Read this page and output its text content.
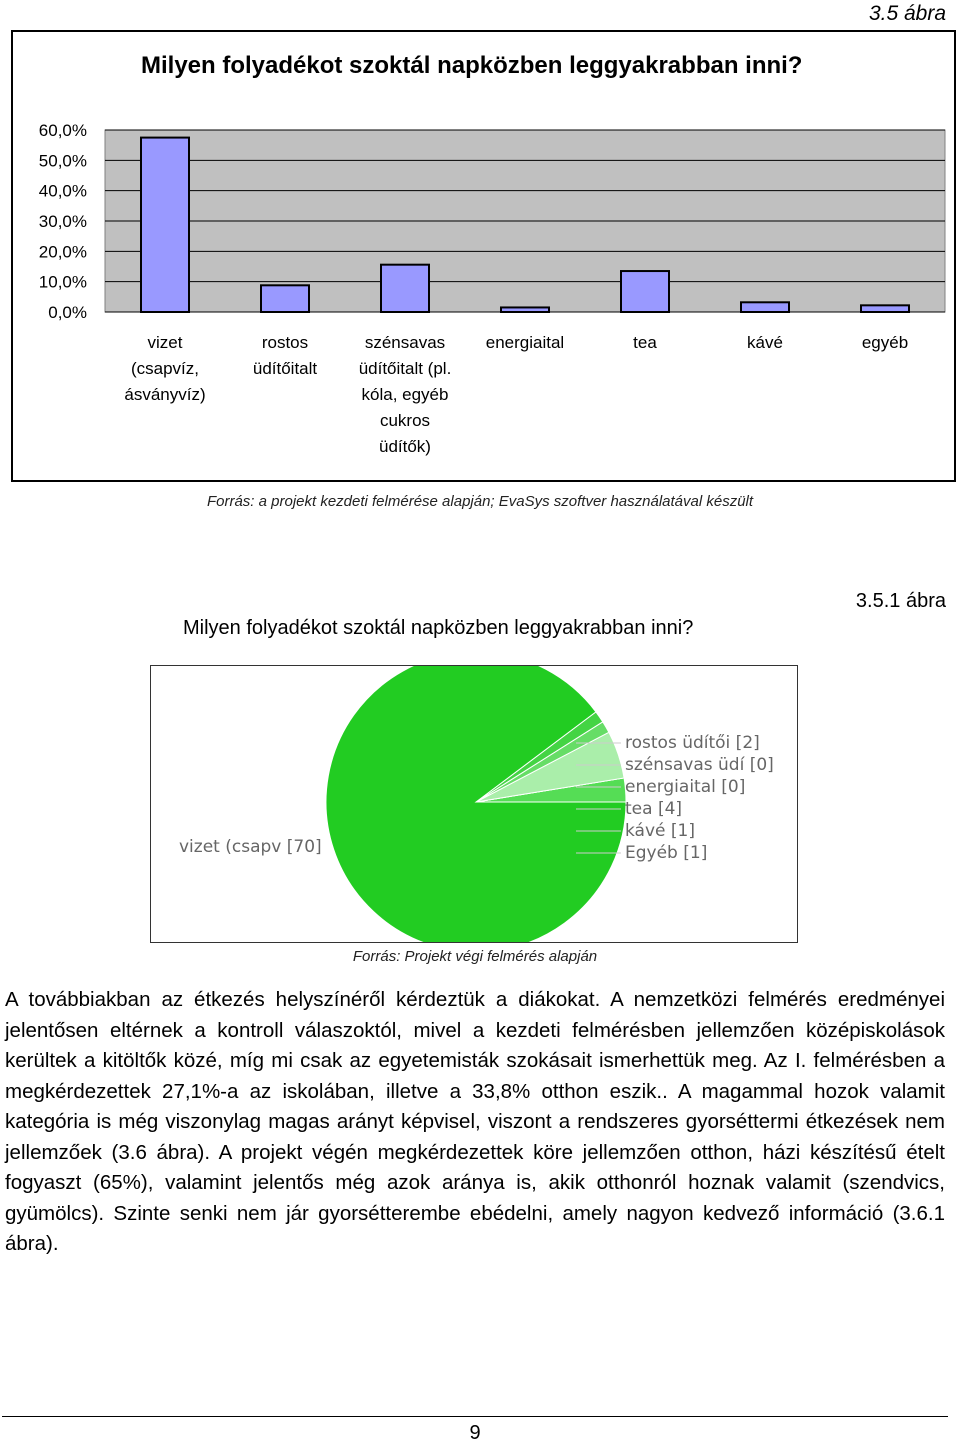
3.5 ábra
Milyen folyadékot szoktál napközben leggyakrabban inni?
60,0%
50,0%
40,0%
30,0%
20,0%
10,0%
0,0%
vizet (csapvíz, ásványvíz)
rostos üdítőitalt
szénsavas üdítőitalt (pl. kóla, egyéb cukros üdítők)
energiaital	tea	kávé	egyéb
Forrás: a projekt kezdeti felmérése alapján; EvaSys szoftver használatával készült
Milyen folyadékot szoktál napközben leggyakrabban inni?
3.5.1 ábra
vizet (csapv [70]
rostos üdítői [2]
szénsavas üdí [0]
energiaital [0]
tea [4]
kávé [1]
Egyéb [1]
Forrás: Projekt végi felmérés alapján

A továbbiakban az étkezés helyszínéről kérdeztük a diákokat. A nemzetközi felmérés eredményei jelentősen eltérnek a kontroll válaszoktól, mivel a kezdeti felmérésben jellemzően középiskolások kerültek a kitöltők közé, míg mi csak az egyetemisták szokásait ismerhettük meg. Az I. felmérésben a megkérdezettek 27,1%-a az iskolában, illetve a 33,8% otthon eszik.. A magammal hozok valamit kategória is még viszonylag magas arányt képvisel, viszont a rendszeres gyorséttermi étkezések nem jellemzőek (3.6 ábra). A projekt végén megkérdezettek köre jellemzően otthon, házi készítésű ételt fogyaszt (65%), valamint jelentős még azok aránya is, akik otthonról hoznak valamit (szendvics, gyümölcs). Szinte senki nem jár gyorsétterembe ebédelni, amely nagyon kedvező információ (3.6.1 ábra).

9
